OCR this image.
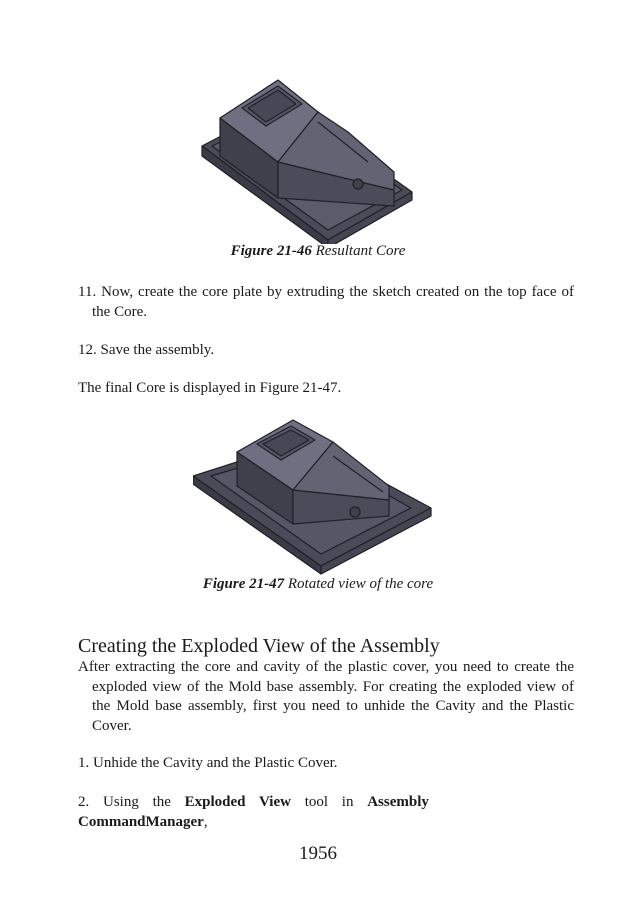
Figure 21-46 Resultant Core
11. Now, create the core plate by extruding the sketch created on the top face of the Core.
12. Save the assembly.
The final Core is displayed in Figure 21-47.
Figure 21-47 Rotated view of the core
Creating the Exploded View of the Assembly
After extracting the core and cavity of the plastic cover, you need to create the exploded view of the Mold base assembly. For creating the exploded view of the Mold base assembly, first you need to unhide the Cavity and the Plastic Cover.
1. Unhide the Cavity and the Plastic Cover.
2. Using the Exploded View tool in Assembly CommandManager,
1956
